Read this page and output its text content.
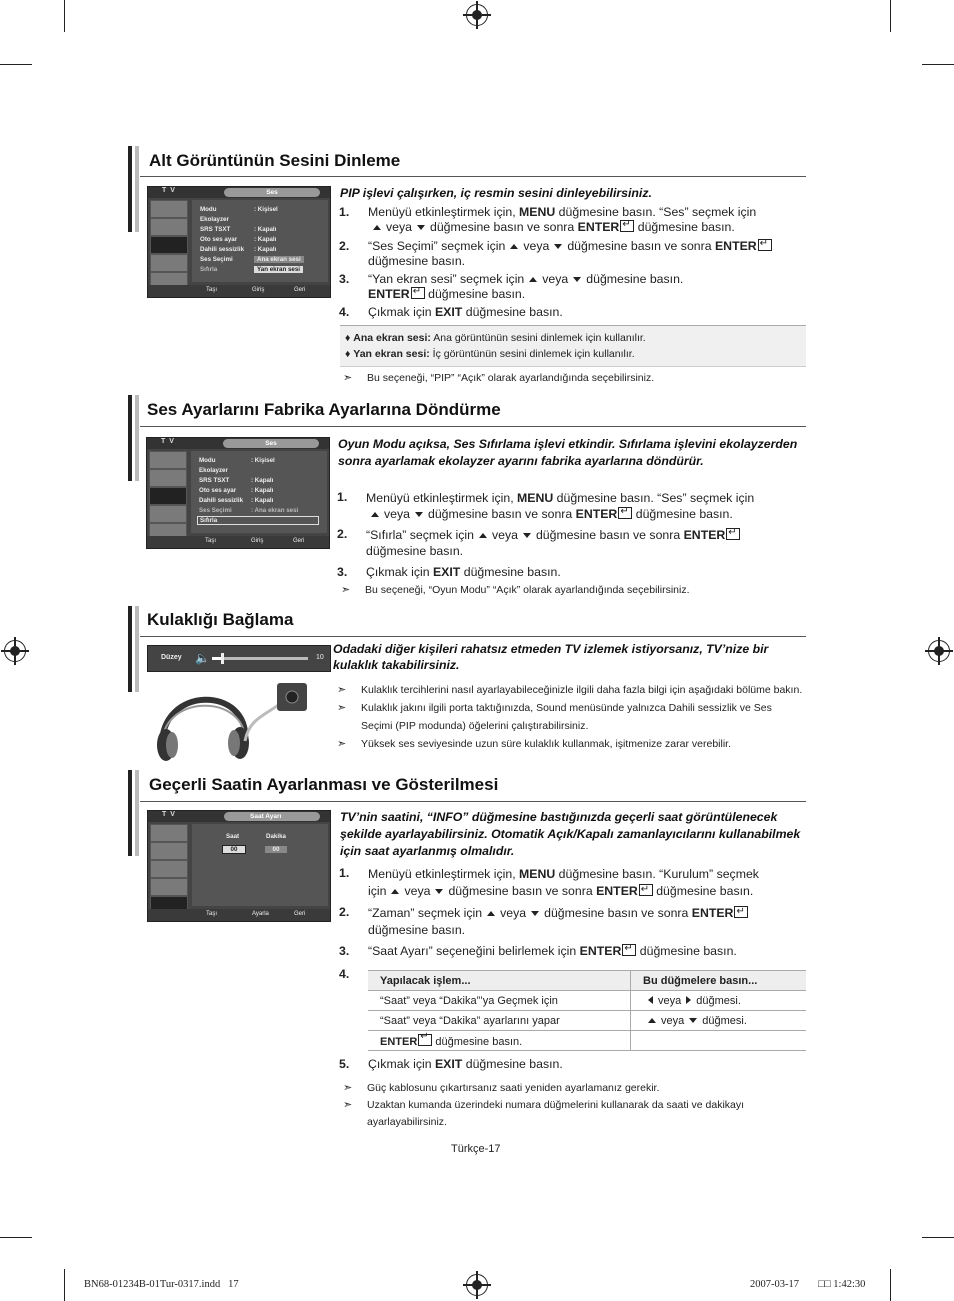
Alt Görüntünün Sesini Dinleme
T V	Ses
Modu	: Kişisel
Ekolayzer
SRS TSXT	: Kapalı
Oto ses ayar	: Kapalı
Dahili sessizlik : Kapalı
Ses Seçimi	Ana ekran sesi
Sıfırla	Yan ekran sesi
Taşı	Giriş	Geri
PIP işlevi çalışırken, iç resmin sesini dinleyebilirsiniz.
1. Menüyü etkinleştirmek için, MENU düğmesine basın. “Ses” seçmek için
veya düğmesine basın ve sonra ENTER↵ düğmesine basın.
2. “Ses Seçimi” seçmek için veya düğmesine basın ve sonra ENTER↵
düğmesine basın.
3. “Yan ekran sesi” seçmek için veya düğmesine basın.
ENTER↵ düğmesine basın.
4. Çıkmak için EXIT düğmesine basın.
♦ Ana ekran sesi: Ana görüntünün sesini dinlemek için kullanılır.
♦ Yan ekran sesi: İç görüntünün sesini dinlemek için kullanılır.
➣ Bu seçeneği, “PIP” “Açık” olarak ayarlandığında seçebilirsiniz.
Ses Ayarlarını Fabrika Ayarlarına Döndürme
T V	Ses
Modu	: Kişisel
Ekolayzer
SRS TSXT	: Kapalı
Oto ses ayar : Kapalı
Dahili sessizlik : Kapalı
Ses Seçimi	: Ana ekran sesi
Sıfırla
Taşı	Giriş	Geri
Oyun Modu açıksa, Ses Sıfırlama işlevi etkindir. Sıfırlama işlevini ekolayzerden sonra ayarlamak ekolayzer ayarını fabrika ayarlarına döndürür.
1. Menüyü etkinleştirmek için, MENU düğmesine basın. “Ses” seçmek için
veya düğmesine basın ve sonra ENTER↵ düğmesine basın.
2. “Sıfırla” seçmek için veya düğmesine basın ve sonra ENTER↵
düğmesine basın.
3. Çıkmak için EXIT düğmesine basın.
➣ Bu seçeneği, “Oyun Modu” “Açık” olarak ayarlandığında seçebilirsiniz.
Kulaklığı Bağlama
Düzey 🔈	10
Odadaki diğer kişileri rahatsız etmeden TV izlemek istiyorsanız, TV’nize bir kulaklık takabilirsiniz.
➣ Kulaklık tercihlerini nasıl ayarlayabileceğinizle ilgili daha fazla bilgi için aşağıdaki bölüme bakın.
➣ Kulaklık jakını ilgili porta taktığınızda, Sound menüsünde yalnızca Dahili sessizlik ve Ses
Seçimi (PIP modunda) öğelerini çalıştırabilirsiniz.
➣ Yüksek ses seviyesinde uzun süre kulaklık kullanmak, işitmenize zarar verebilir.
Geçerli Saatin Ayarlanması ve Gösterilmesi
T V	Saat Ayarı
Saat	Dakika
00	00
Taşı	Ayarla	Geri
TV’nin saatini, “INFO” düğmesine bastığınızda geçerli saat görüntülenecek şekilde ayarlayabilirsiniz. Otomatik Açık/Kapalı zamanlayıcılarını kullanabilmek için saat ayarlanmış olmalıdır.
1. Menüyü etkinleştirmek için, MENU düğmesine basın. “Kurulum” seçmek
için veya düğmesine basın ve sonra ENTER↵ düğmesine basın.
2. “Zaman” seçmek için veya düğmesine basın ve sonra ENTER↵
düğmesine basın.
3. “Saat Ayarı” seçeneğini belirlemek için ENTER↵ düğmesine basın.
4.	Yapılacak işlem...	Bu düğmelere basın...
“Saat” veya “Dakika”’ya Geçmek için	veya düğmesi.
“Saat” veya “Dakika” ayarlarını yapar	veya düğmesi.
ENTER↵ düğmesine basın.	
5. Çıkmak için EXIT düğmesine basın.
➣ Güç kablosunu çıkartırsanız saati yeniden ayarlamanız gerekir.
➣ Uzaktan kumanda üzerindeki numara düğmelerini kullanarak da saati ve dakikayı
ayarlayabilirsiniz.
Türkçe-17
BN68-01234B-01Tur-0317.indd   17	2007-03-17 □□ 1:42:30
